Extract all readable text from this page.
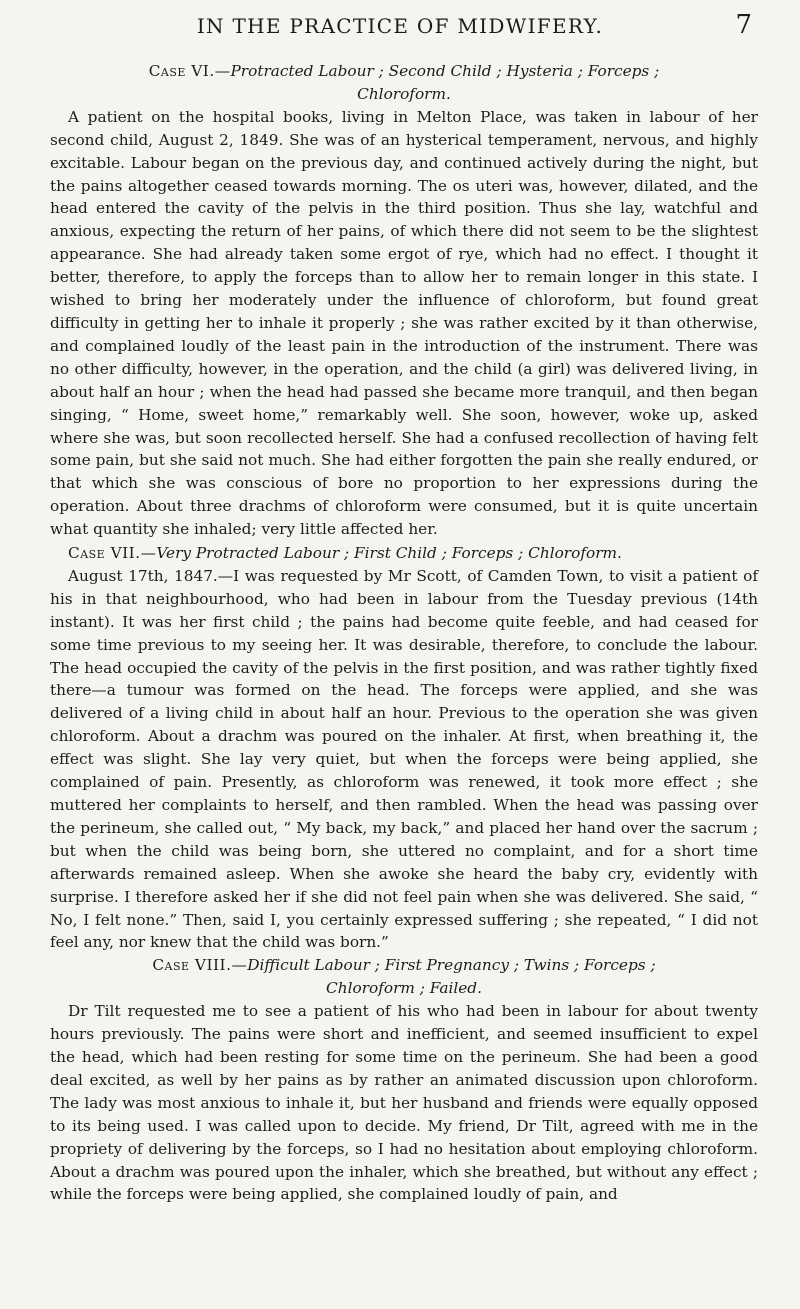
IN THE PRACTICE OF MIDWIFERY.	7
Case VI.—Protracted Labour ; Second Child ; Hysteria ; Forceps ;
Chloroform.

A patient on the hospital books, living in Melton Place, was taken in labour of her second child, August 2, 1849. She was of an hysterical temperament, nervous, and highly excitable. Labour began on the previous day, and continued actively during the night, but the pains altogether ceased towards morning. The os uteri was, however, dilated, and the head entered the cavity of the pelvis in the third position. Thus she lay, watchful and anxious, expecting the return of her pains, of which there did not seem to be the slightest appearance. She had already taken some ergot of rye, which had no effect. I thought it better, therefore, to apply the forceps than to allow her to remain longer in this state. I wished to bring her moderately under the influence of chloroform, but found great difficulty in getting her to inhale it properly ; she was rather excited by it than otherwise, and complained loudly of the least pain in the introduction of the instrument. There was no other difficulty, however, in the operation, and the child (a girl) was delivered living, in about half an hour ; when the head had passed she became more tranquil, and then began singing, “ Home, sweet home,” remarkably well. She soon, however, woke up, asked where she was, but soon recollected herself. She had a confused recollection of having felt some pain, but she said not much. She had either forgotten the pain she really endured, or that which she was conscious of bore no proportion to her expressions during the operation. About three drachms of chloroform were consumed, but it is quite uncertain what quantity she inhaled; very little affected her.

Case VII.—Very Protracted Labour ; First Child ; Forceps ; Chloroform.

August 17th, 1847.—I was requested by Mr Scott, of Camden Town, to visit a patient of his in that neighbourhood, who had been in labour from the Tuesday previous (14th instant). It was her first child ; the pains had become quite feeble, and had ceased for some time previous to my seeing her. It was desirable, therefore, to conclude the labour. The head occupied the cavity of the pelvis in the first position, and was rather tightly fixed there—a tumour was formed on the head. The forceps were applied, and she was delivered of a living child in about half an hour. Previous to the operation she was given chloroform. About a drachm was poured on the inhaler. At first, when breathing it, the effect was slight. She lay very quiet, but when the forceps were being applied, she complained of pain. Presently, as chloroform was renewed, it took more effect ; she muttered her complaints to herself, and then rambled. When the head was passing over the perineum, she called out, “ My back, my back,” and placed her hand over the sacrum ; but when the child was being born, she uttered no complaint, and for a short time afterwards remained asleep. When she awoke she heard the baby cry, evidently with surprise. I therefore asked her if she did not feel pain when she was delivered. She said, “ No, I felt none.” Then, said I, you certainly expressed suffering ; she repeated, “ I did not feel any, nor knew that the child was born.”

Case VIII.—Difficult Labour ; First Pregnancy ; Twins ; Forceps ;
Chloroform ; Failed.

Dr Tilt requested me to see a patient of his who had been in labour for about twenty hours previously. The pains were short and inefficient, and seemed insufficient to expel the head, which had been resting for some time on the perineum. She had been a good deal excited, as well by her pains as by rather an animated discussion upon chloroform. The lady was most anxious to inhale it, but her husband and friends were equally opposed to its being used. I was called upon to decide. My friend, Dr Tilt, agreed with me in the propriety of delivering by the forceps, so I had no hesitation about employing chloroform. About a drachm was poured upon the inhaler, which she breathed, but without any effect ; while the forceps were being applied, she complained loudly of pain, and
